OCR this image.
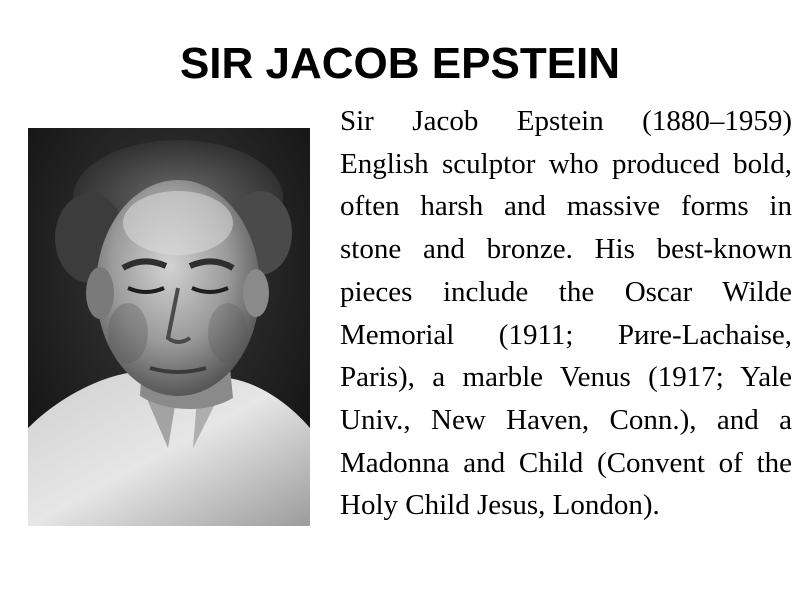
SIR JACOB EPSTEIN
Sir Jacob Epstein (1880–1959) English sculptor who produced bold, often harsh and massive forms in stone and bronze. His best-known pieces include the Oscar Wilde Memorial (1911; Pиre-Lachaise, Paris), a marble Venus (1917; Yale Univ., New Haven, Conn.), and a Madonna and Child (Convent of the Holy Child Jesus, London).
